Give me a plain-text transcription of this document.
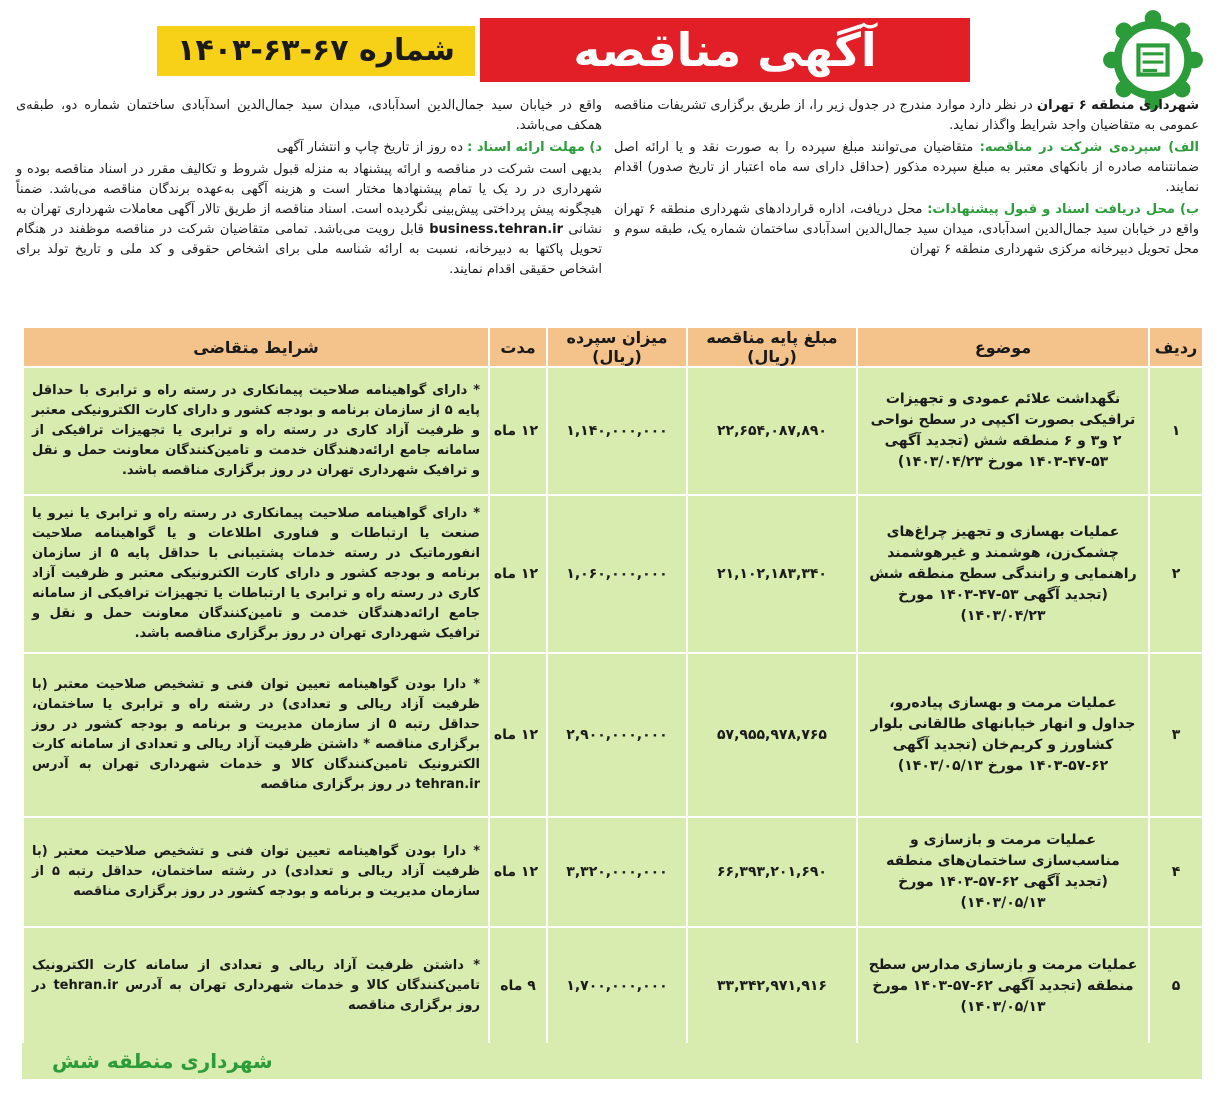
آگهی مناقصه
شماره ۶۷-۶۳-۱۴۰۳

شهرداری منطقه ۶ تهران در نظر دارد موارد مندرج در جدول زیر را، از طریق برگزاری تشریفات مناقصه عمومی به متقاضیان واجد شرایط واگذار نماید.

الف) سپرده‌ی شرکت در مناقصه: متقاضیان می‌توانند مبلغ سپرده را به صورت نقد و یا ارائه اصل ضمانتنامه صادره از بانکهای معتبر به مبلغ سپرده مذکور (حداقل دارای سه ماه اعتبار از تاریخ صدور) اقدام نمایند.

ب) محل دریافت اسناد و قبول پیشنهادات: محل دریافت، اداره قراردادهای شهرداری منطقه ۶ تهران واقع در خیابان سید جمال‌الدین اسدآبادی، میدان سید جمال‌الدین اسدآبادی ساختمان شماره یک، طبقه سوم و محل تحویل دبیرخانه مرکزی شهرداری منطقه ۶ تهران

واقع در خیابان سید جمال‌الدین اسدآبادی، میدان سید جمال‌الدین اسدآبادی ساختمان شماره دو، طبقه‌ی همکف می‌باشد.

د) مهلت ارائه اسناد : ده روز از تاریخ چاپ و انتشار آگهی

بدیهی است شرکت در مناقصه و ارائه پیشنهاد به منزله قبول شروط و تکالیف مقرر در اسناد مناقصه بوده و شهرداری در رد یک یا تمام پیشنهادها مختار است و هزینه آگهی به‌عهده برندگان مناقصه می‌باشد. ضمناً هیچگونه پیش پرداختی پیش‌بینی نگردیده است. اسناد مناقصه از طریق تالار آگهی معاملات شهرداری تهران به نشانی business.tehran.ir قابل رویت می‌باشد. تمامی متقاضیان شرکت در مناقصه موظفند در هنگام تحویل پاکتها به دبیرخانه، نسبت به ارائه شناسه ملی برای اشخاص حقوقی و کد ملی و تاریخ تولد برای اشخاص حقیقی اقدام نمایند.

ردیف	موضوع	مبلغ پایه مناقصه (ریال)	میزان سپرده (ریال)	مدت	شرایط متقاضی
۱	نگهداشت علائم عمودی و تجهیزات ترافیکی بصورت اکیپی در سطح نواحی ۲ و۳ و ۶ منطقه شش (تجدید آگهی ۵۳-۴۷-۱۴۰۳ مورخ ۱۴۰۳/۰۴/۲۳)	۲۲,۶۵۴,۰۸۷,۸۹۰	۱,۱۴۰,۰۰۰,۰۰۰	۱۲ ماه	* دارای گواهینامه صلاحیت پیمانکاری در رسته راه و ترابری با حداقل پایه ۵ از سازمان برنامه و بودجه کشور و دارای کارت الکترونیکی معتبر و ظرفیت آزاد کاری در رسته راه و ترابری یا تجهیزات ترافیکی از سامانه جامع ارائه‌دهندگان خدمت و تامین‌کنندگان معاونت حمل و نقل و ترافیک شهرداری تهران در روز برگزاری مناقصه باشد.
۲	عملیات بهسازی و تجهیز چراغ‌های چشمک‌زن، هوشمند و غیرهوشمند راهنمایی و رانندگی سطح منطقه شش (تجدید آگهی ۵۳-۴۷-۱۴۰۳ مورخ ۱۴۰۳/۰۴/۲۳)	۲۱,۱۰۲,۱۸۳,۳۴۰	۱,۰۶۰,۰۰۰,۰۰۰	۱۲ ماه	* دارای گواهینامه صلاحیت پیمانکاری در رسته راه و ترابری یا نیرو یا صنعت یا ارتباطات و فناوری اطلاعات و یا گواهینامه صلاحیت انفورماتیک در رسته خدمات پشتیبانی با حداقل پایه ۵ از سازمان برنامه و بودجه کشور و دارای کارت الکترونیکی معتبر و ظرفیت آزاد کاری در رسته راه و ترابری یا ارتباطات یا تجهیزات ترافیکی از سامانه جامع ارائه‌دهندگان خدمت و تامین‌کنندگان معاونت حمل و نقل و ترافیک شهرداری تهران در روز برگزاری مناقصه باشد.
۳	عملیات مرمت و بهسازی پیاده‌رو، جداول و انهار خیابانهای طالقانی بلوار کشاورز و کریم‌خان (تجدید آگهی ۶۲-۵۷-۱۴۰۳ مورخ ۱۴۰۳/۰۵/۱۳)	۵۷,۹۵۵,۹۷۸,۷۶۵	۲,۹۰۰,۰۰۰,۰۰۰	۱۲ ماه	* دارا بودن گواهینامه تعیین توان فنی و تشخیص صلاحیت معتبر (با ظرفیت آزاد ریالی و تعدادی) در رشته راه و ترابری یا ساختمان، حداقل رتبه ۵ از سازمان مدیریت و برنامه و بودجه کشور در روز برگزاری مناقصه * داشتن ظرفیت آزاد ریالی و تعدادی از سامانه کارت الکترونیک تامین‌کنندگان کالا و خدمات شهرداری تهران به آدرس tehran.ir در روز برگزاری مناقصه
۴	عملیات مرمت و بازسازی و مناسب‌سازی ساختمان‌های منطقه (تجدید آگهی ۶۲-۵۷-۱۴۰۳ مورخ ۱۴۰۳/۰۵/۱۳)	۶۶,۳۹۳,۲۰۱,۶۹۰	۳,۳۲۰,۰۰۰,۰۰۰	۱۲ ماه	* دارا بودن گواهینامه تعیین توان فنی و تشخیص صلاحیت معتبر (با ظرفیت آزاد ریالی و تعدادی) در رشته ساختمان، حداقل رتبه ۵ از سازمان مدیریت و برنامه و بودجه کشور در روز برگزاری مناقصه
۵	عملیات مرمت و بازسازی مدارس سطح منطقه (تجدید آگهی ۶۲-۵۷-۱۴۰۳ مورخ ۱۴۰۳/۰۵/۱۳)	۳۳,۳۴۲,۹۷۱,۹۱۶	۱,۷۰۰,۰۰۰,۰۰۰	۹ ماه	* داشتن ظرفیت آزاد ریالی و تعدادی از سامانه کارت الکترونیک تامین‌کنندگان کالا و خدمات شهرداری تهران به آدرس tehran.ir در روز برگزاری مناقصه
شهرداری منطقه شش
